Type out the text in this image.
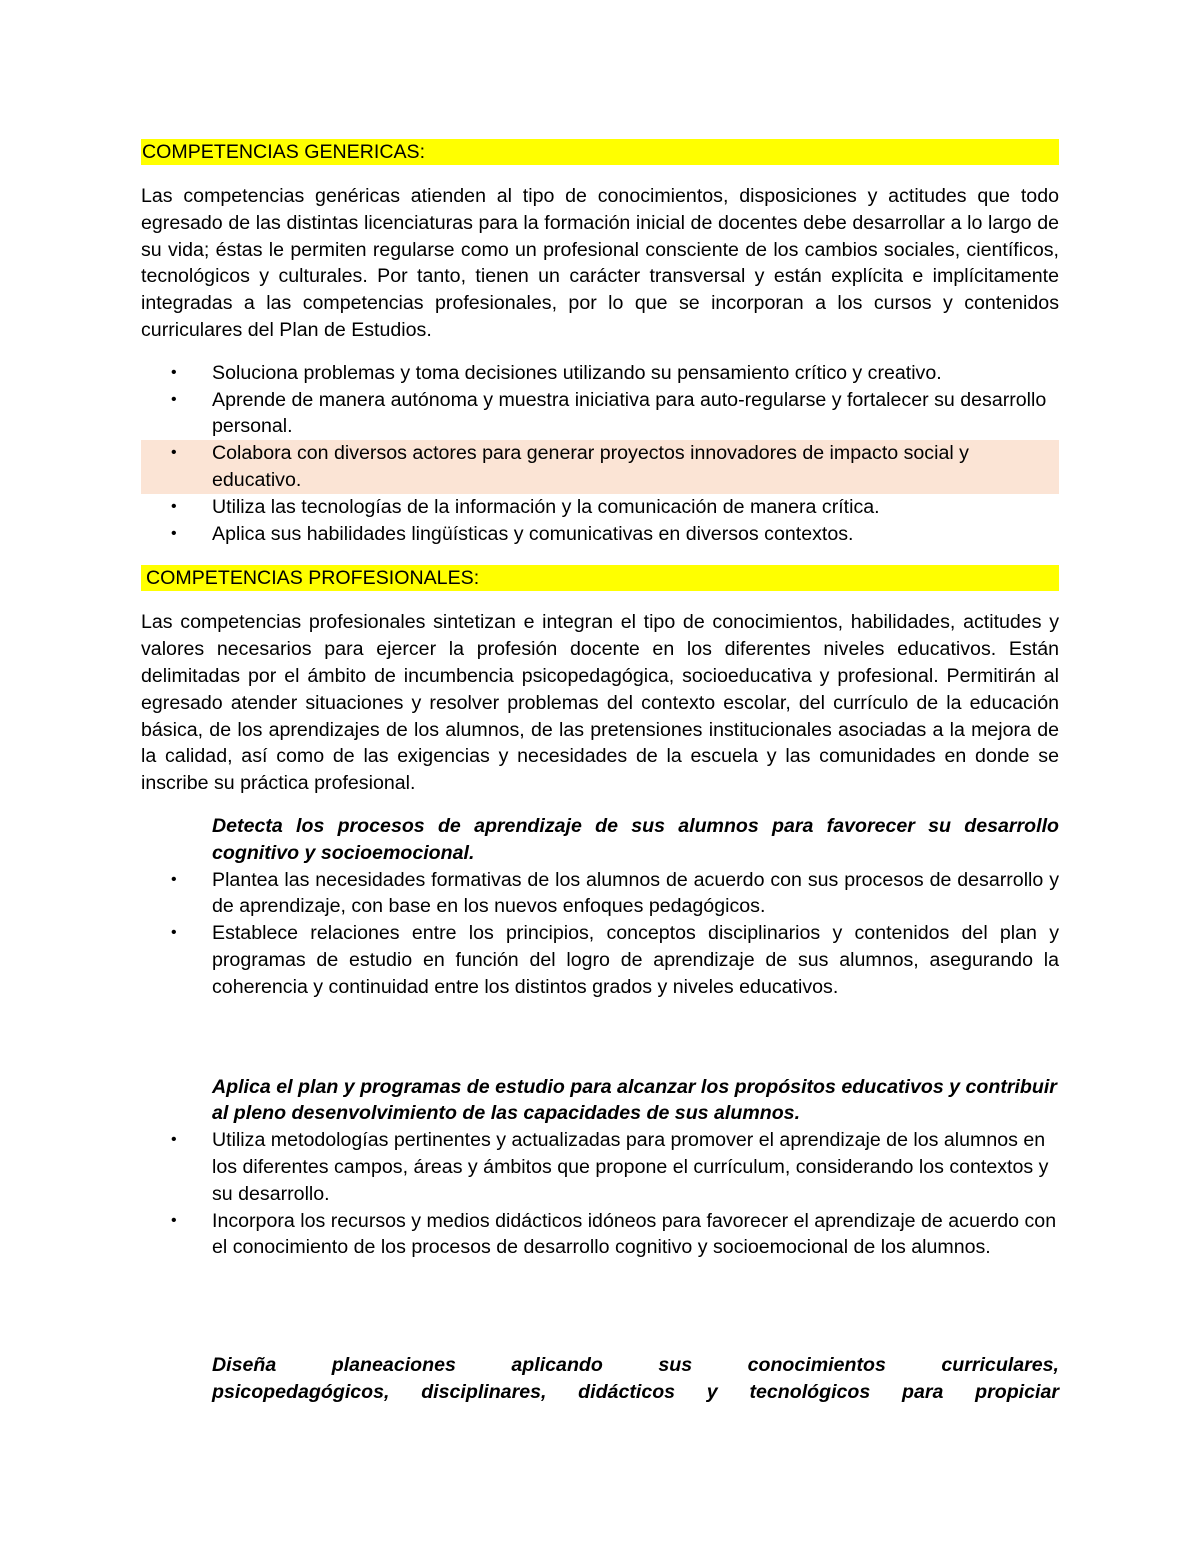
COMPETENCIAS GENERICAS:
Las competencias genéricas atienden al tipo de conocimientos, disposiciones y actitudes que todo egresado de las distintas licenciaturas para la formación inicial de docentes debe desarrollar a lo largo de su vida; éstas le permiten regularse como un profesional consciente de los cambios sociales, científicos, tecnológicos y culturales. Por tanto, tienen un carácter transversal y están explícita e implícitamente integradas a las competencias profesionales, por lo que se incorporan a los cursos y contenidos curriculares del Plan de Estudios.
• Soluciona problemas y toma decisiones utilizando su pensamiento crítico y creativo.
• Aprende de manera autónoma y muestra iniciativa para auto-regularse y fortalecer su desarrollo personal.
• Colabora con diversos actores para generar proyectos innovadores de impacto social y educativo.
• Utiliza las tecnologías de la información y la comunicación de manera crítica.
• Aplica sus habilidades lingüísticas y comunicativas en diversos contextos.
COMPETENCIAS PROFESIONALES:
Las competencias profesionales sintetizan e integran el tipo de conocimientos, habilidades, actitudes y valores necesarios para ejercer la profesión docente en los diferentes niveles educativos. Están delimitadas por el ámbito de incumbencia psicopedagógica, socioeducativa y profesional. Permitirán al egresado atender situaciones y resolver problemas del contexto escolar, del currículo de la educación básica, de los aprendizajes de los alumnos, de las pretensiones institucionales asociadas a la mejora de la calidad, así como de las exigencias y necesidades de la escuela y las comunidades en donde se inscribe su práctica profesional.
Detecta los procesos de aprendizaje de sus alumnos para favorecer su desarrollo cognitivo y socioemocional.
• Plantea las necesidades formativas de los alumnos de acuerdo con sus procesos de desarrollo y de aprendizaje, con base en los nuevos enfoques pedagógicos.
• Establece relaciones entre los principios, conceptos disciplinarios y contenidos del plan y programas de estudio en función del logro de aprendizaje de sus alumnos, asegurando la coherencia y continuidad entre los distintos grados y niveles educativos.
Aplica el plan y programas de estudio para alcanzar los propósitos educativos y contribuir al pleno desenvolvimiento de las capacidades de sus alumnos.
• Utiliza metodologías pertinentes y actualizadas para promover el aprendizaje de los alumnos en los diferentes campos, áreas y ámbitos que propone el currículum, considerando los contextos y su desarrollo.
• Incorpora los recursos y medios didácticos idóneos para favorecer el aprendizaje de acuerdo con el conocimiento de los procesos de desarrollo cognitivo y socioemocional de los alumnos.
Diseña planeaciones aplicando sus conocimientos curriculares,
psicopedagógicos, disciplinares, didácticos y tecnológicos para propiciar
